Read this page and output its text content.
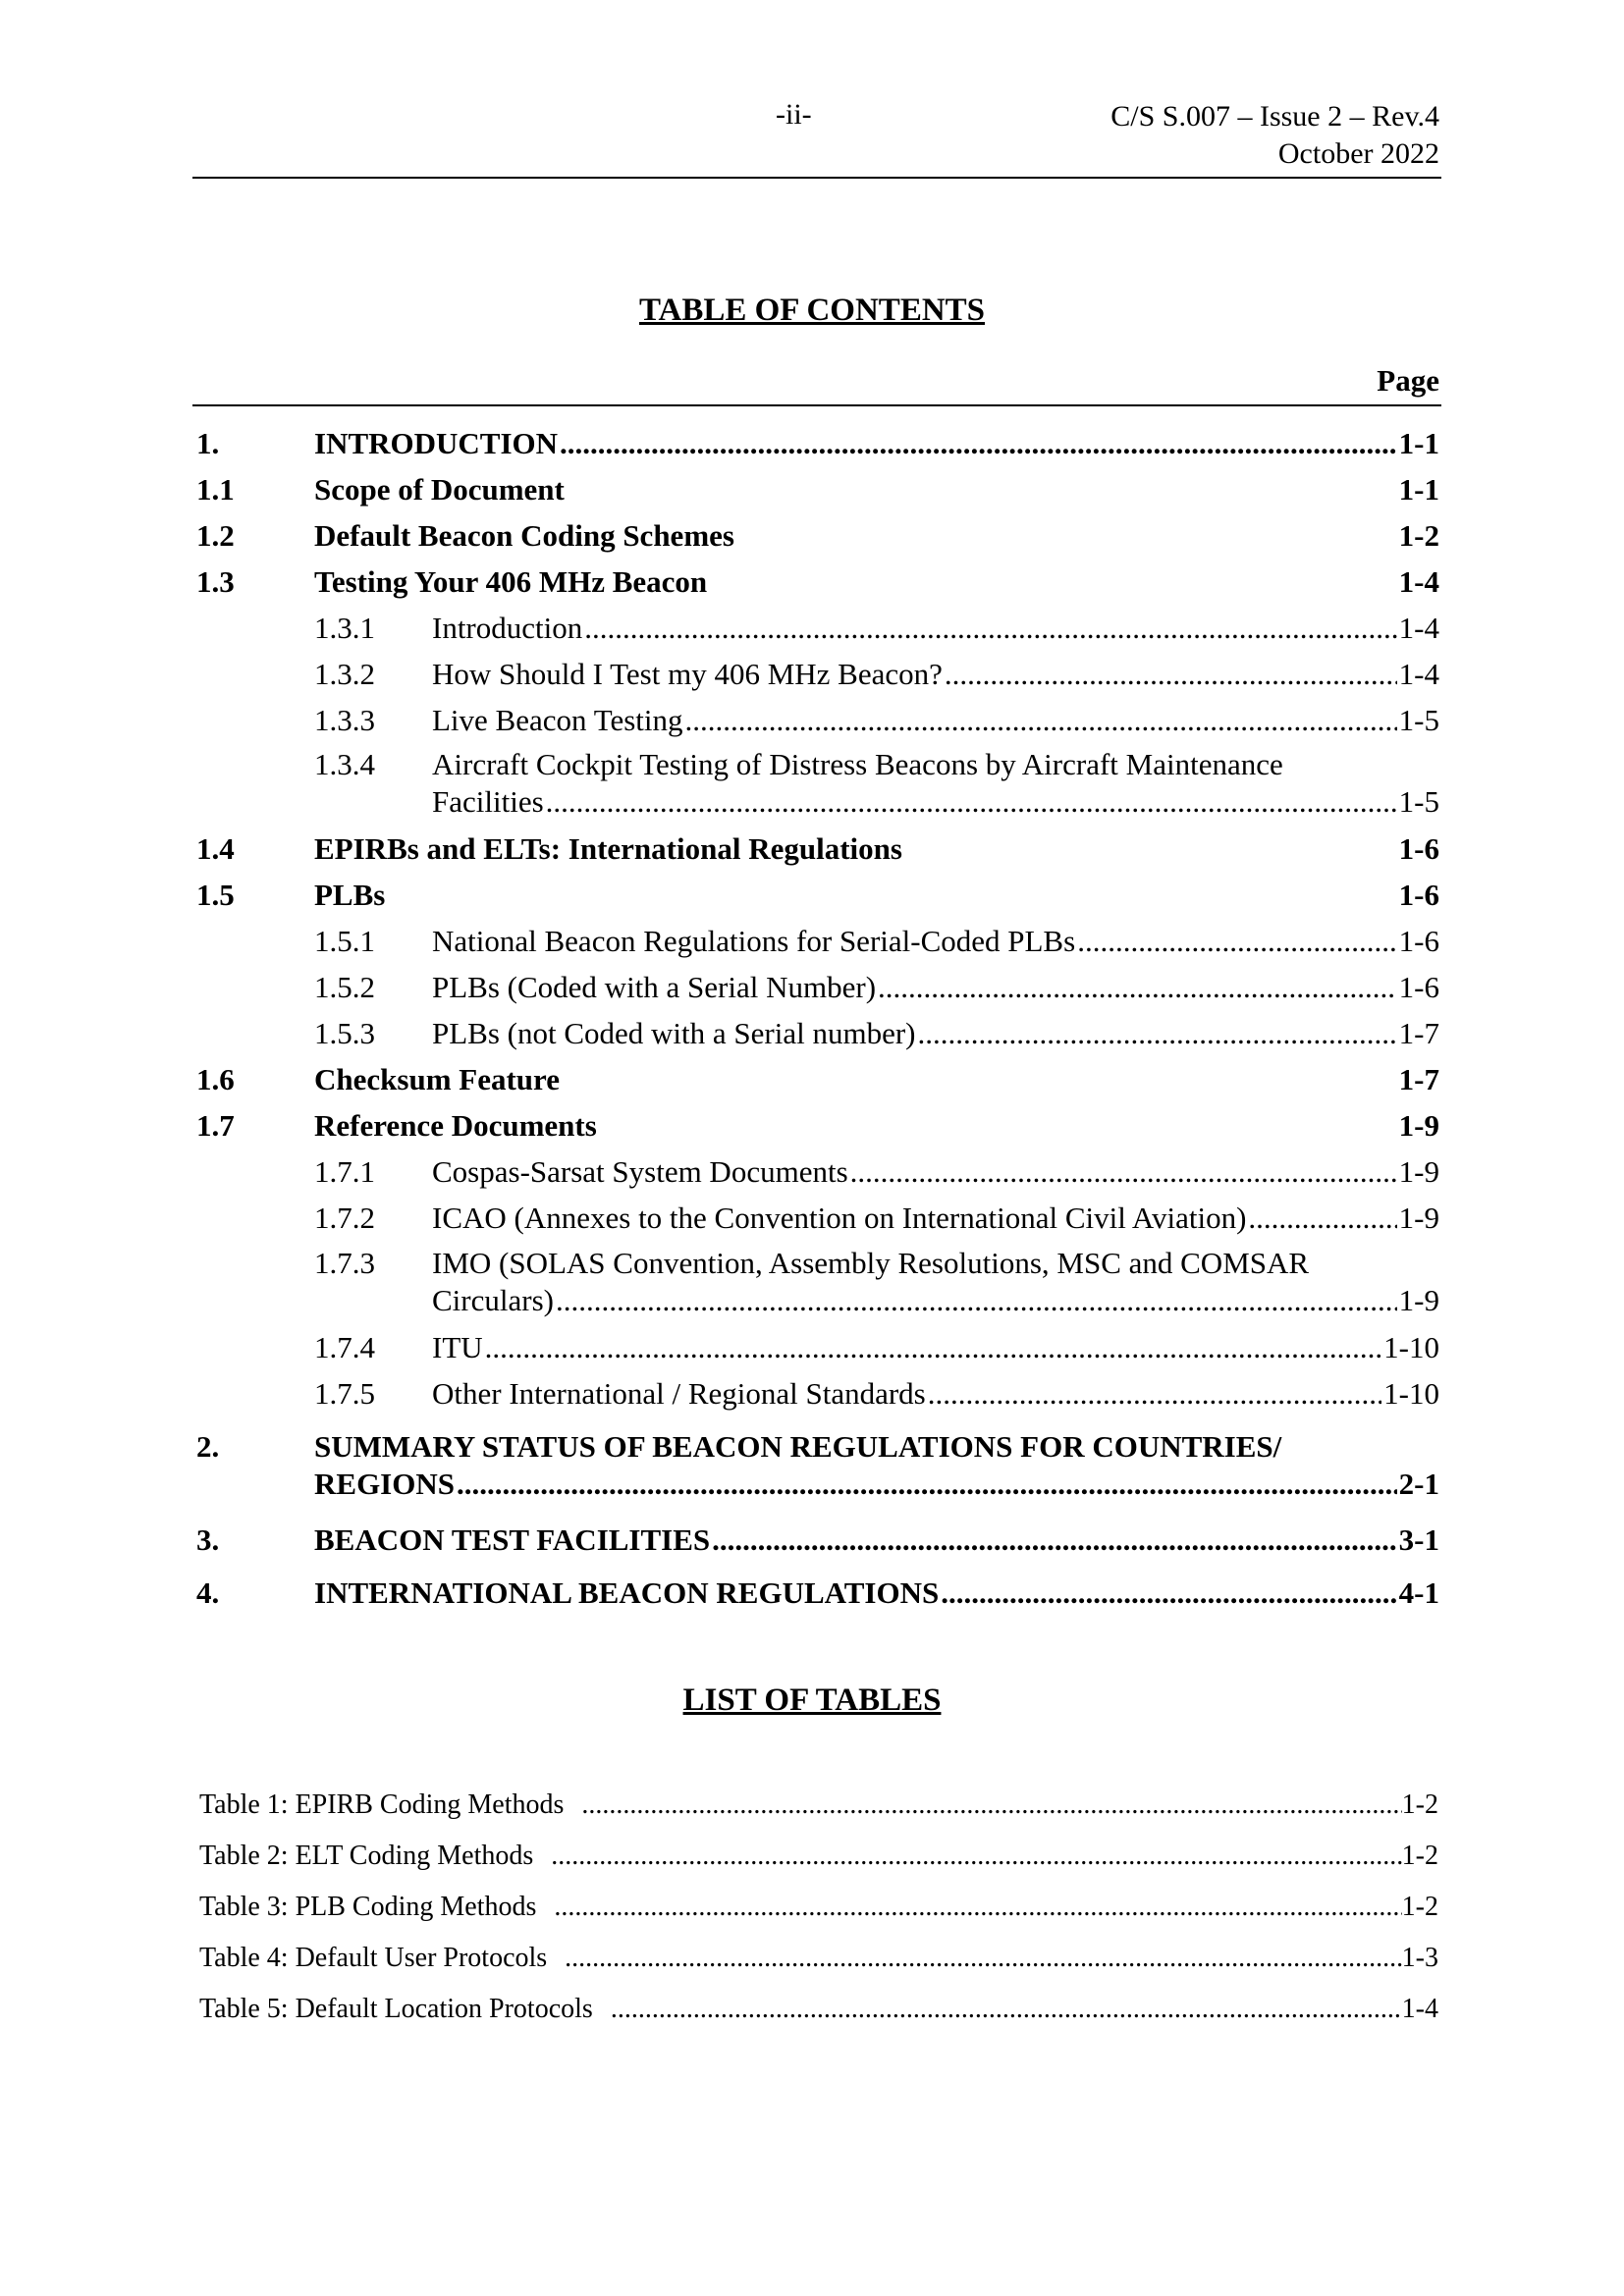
-ii-	C/S S.007 – Issue 2 – Rev.4
October 2022
TABLE OF CONTENTS
Page
1.	INTRODUCTION .....	1-1
1.1	Scope of Document	1-1
1.2	Default Beacon Coding Schemes	1-2
1.3	Testing Your 406 MHz Beacon	1-4
1.3.1 Introduction .....	1-4
1.3.2 How Should I Test my 406 MHz Beacon? .....	1-4
1.3.3 Live Beacon Testing .....	1-5
1.3.4 Aircraft Cockpit Testing of Distress Beacons by Aircraft Maintenance
Facilities .....	1-5
1.4	EPIRBs and ELTs: International Regulations	1-6
1.5	PLBs	1-6
1.5.1 National Beacon Regulations for Serial-Coded PLBs .....	1-6
1.5.2 PLBs (Coded with a Serial Number) .....	1-6
1.5.3 PLBs (not Coded with a Serial number) .....	1-7
1.6	Checksum Feature	1-7
1.7	Reference Documents	1-9
1.7.1 Cospas-Sarsat System Documents .....	1-9
1.7.2 ICAO (Annexes to the Convention on International Civil Aviation) .....	1-9
1.7.3 IMO (SOLAS Convention, Assembly Resolutions, MSC and COMSAR
Circulars) .....	1-9
1.7.4 ITU .....	1-10
1.7.5 Other International / Regional Standards .....	1-10
2.	SUMMARY STATUS OF BEACON REGULATIONS FOR COUNTRIES/
REGIONS .....	2-1
3.	BEACON TEST FACILITIES .....	3-1
4.	INTERNATIONAL BEACON REGULATIONS .....	4-1
LIST OF TABLES
Table 1: EPIRB Coding Methods .....	1-2
Table 2: ELT Coding Methods .....	1-2
Table 3: PLB Coding Methods .....	1-2
Table 4: Default User Protocols .....	1-3
Table 5: Default Location Protocols .....	1-4
